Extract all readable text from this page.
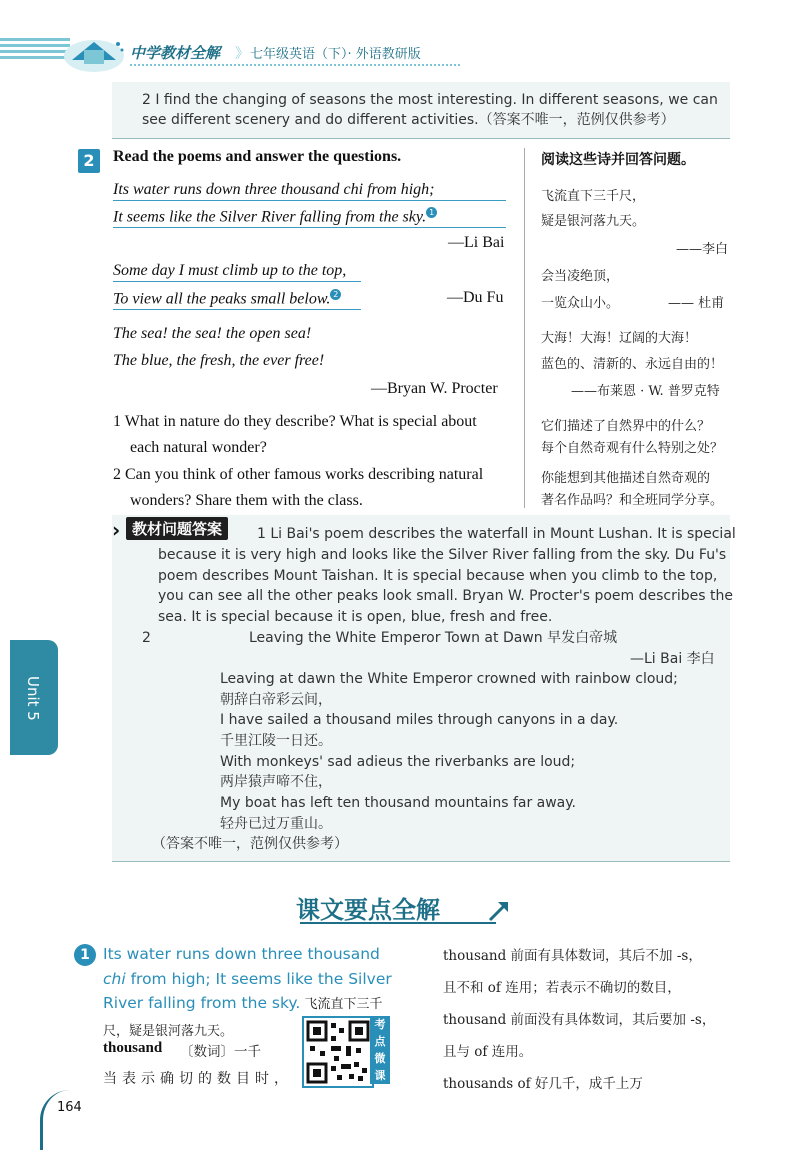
中学教材全解 》 七年级英语（下）· 外语教研版
2 I find the changing of seasons the most interesting. In different seasons, we can see different scenery and do different activities.（答案不唯一，范例仅供参考）
2	Read the poems and answer the questions.	阅读这些诗并回答问题。
Its water runs down three thousand chi from high;
It seems like the Silver River falling from the sky. 1
—Li Bai
飞流直下三千尺，
疑是银河落九天。
——李白
Some day I must climb up to the top,
To view all the peaks small below. 2	—Du Fu
会当凌绝顶，
一览众山小。	—— 杜甫
The sea! the sea! the open sea!
The blue, the fresh, the ever free!
—Bryan W. Procter
大海！大海！辽阔的大海！
蓝色的、清新的、永远自由的！
——布莱恩 · W. 普罗克特
1 What in nature do they describe? What is special about
each natural wonder?
它们描述了自然界中的什么？
每个自然奇观有什么特别之处？
2 Can you think of other famous works describing natural
wonders? Share them with the class.
你能想到其他描述自然奇观的
著名作品吗？和全班同学分享。
› 教材问题答案	1 Li Bai's poem describes the waterfall in Mount Lushan. It is special
because it is very high and looks like the Silver River falling from the sky. Du Fu's
poem describes Mount Taishan. It is special because when you climb to the top,
you can see all the other peaks look small. Bryan W. Procter's poem describes the
sea. It is special because it is open, blue, fresh and free.
2	Leaving the White Emperor Town at Dawn 早发白帝城
—Li Bai 李白
Leaving at dawn the White Emperor crowned with rainbow cloud;
朝辞白帝彩云间，
I have sailed a thousand miles through canyons in a day.
千里江陵一日还。
With monkeys' sad adieus the riverbanks are loud;
两岸猿声啼不住，
My boat has left ten thousand mountains far away.
轻舟已过万重山。
（答案不唯一，范例仅供参考）
课文要点全解
1 Its water runs down three thousand chi from high; It seems like the Silver River falling from the sky. 飞流直下三千尺，疑是银河落九天。
thousand 〔数词〕一千
当表示确切的数目时，
考点微课
thousand 前面有具体数词，其后不加 -s，
且不和 of 连用；若表示不确切的数目，
thousand 前面没有具体数词，其后要加 -s，
且与 of 连用。
thousands of 好几千，成千上万
Unit 5
164
